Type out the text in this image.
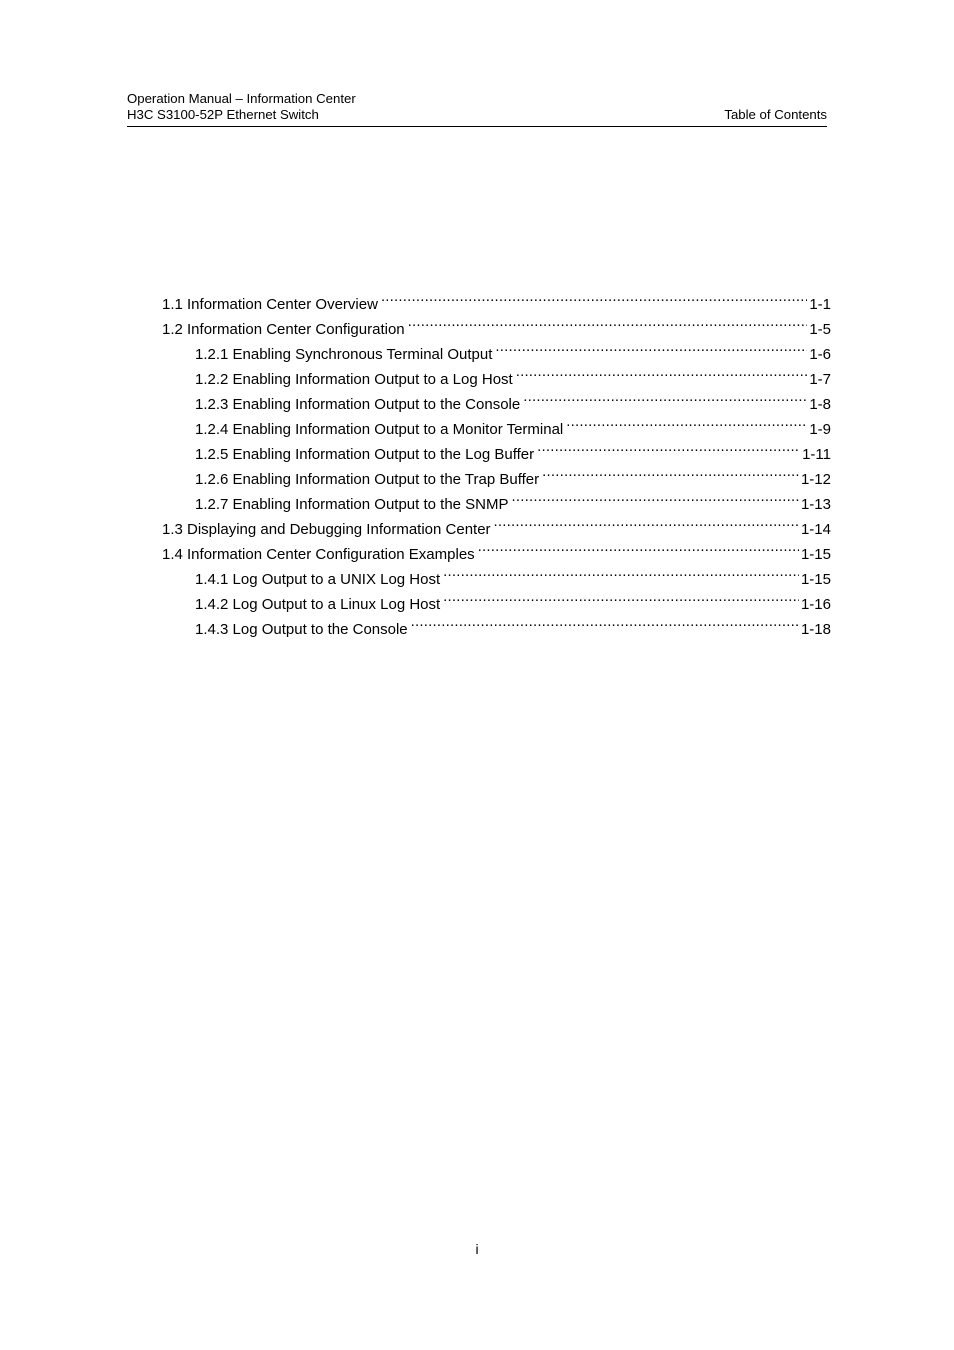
Operation Manual – Information Center
H3C S3100-52P Ethernet Switch	Table of Contents
1.1 Information Center Overview .....	1-1
1.2 Information Center Configuration .....	1-5
1.2.1 Enabling Synchronous Terminal Output .....	1-6
1.2.2 Enabling Information Output to a Log Host .....	1-7
1.2.3 Enabling Information Output to the Console .....	1-8
1.2.4 Enabling Information Output to a Monitor Terminal .....	1-9
1.2.5 Enabling Information Output to the Log Buffer .....	1-11
1.2.6 Enabling Information Output to the Trap Buffer .....	1-12
1.2.7 Enabling Information Output to the SNMP .....	1-13
1.3 Displaying and Debugging Information Center .....	1-14
1.4 Information Center Configuration Examples .....	1-15
1.4.1 Log Output to a UNIX Log Host .....	1-15
1.4.2 Log Output to a Linux Log Host .....	1-16
1.4.3 Log Output to the Console .....	1-18
i
